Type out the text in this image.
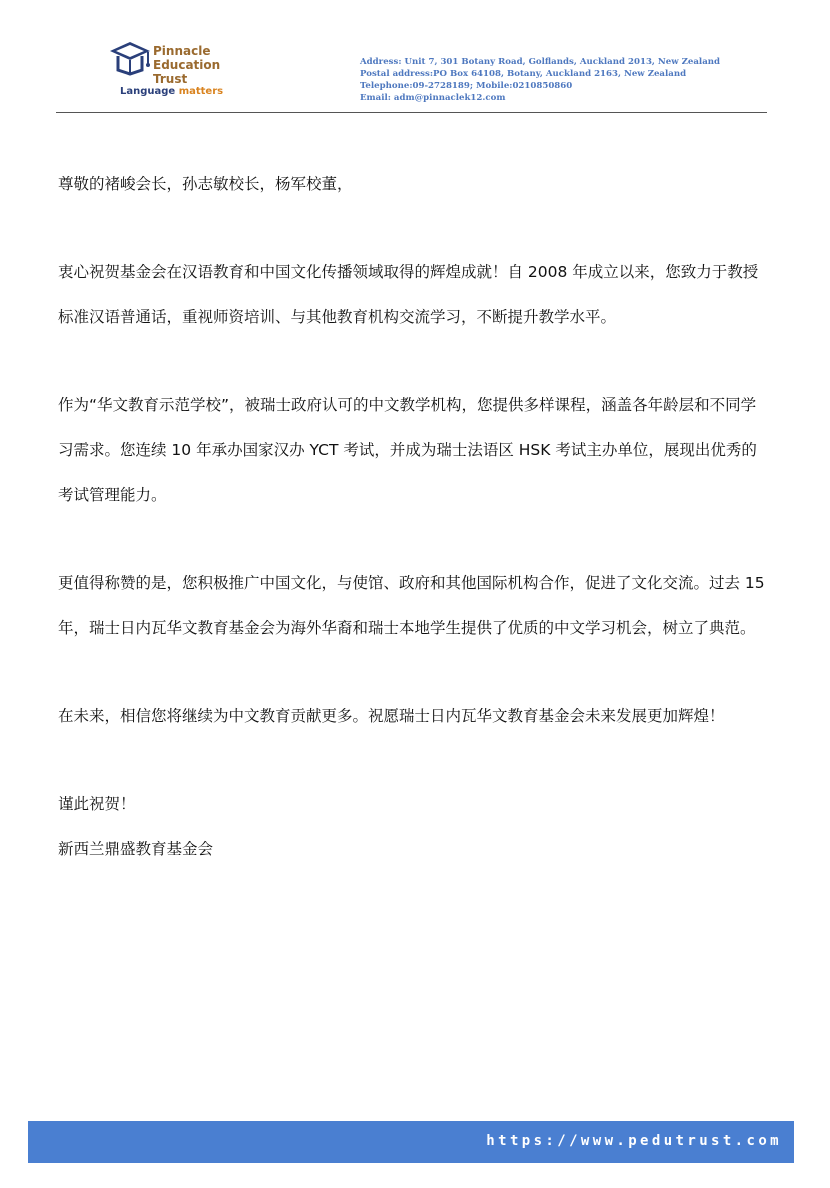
Pinnacle
Education
Trust
Language matters
Address: Unit 7, 301 Botany Road, Golflands, Auckland 2013, New Zealand
Postal address:PO Box 64108, Botany, Auckland 2163, New Zealand
Telephone:09-2728189; Mobile:0210850860
Email: adm@pinnaclek12.com

尊敬的褚峻会长，孙志敏校长，杨军校董，

衷心祝贺基金会在汉语教育和中国文化传播领域取得的辉煌成就！自 2008 年成立以来，您致力于教授标准汉语普通话，重视师资培训、与其他教育机构交流学习，不断提升教学水平。

作为“华文教育示范学校”，被瑞士政府认可的中文教学机构，您提供多样课程，涵盖各年龄层和不同学习需求。您连续 10 年承办国家汉办 YCT 考试，并成为瑞士法语区 HSK 考试主办单位，展现出优秀的考试管理能力。

更值得称赞的是，您积极推广中国文化，与使馆、政府和其他国际机构合作，促进了文化交流。过去 15 年，瑞士日内瓦华文教育基金会为海外华裔和瑞士本地学生提供了优质的中文学习机会，树立了典范。

在未来，相信您将继续为中文教育贡献更多。祝愿瑞士日内瓦华文教育基金会未来发展更加辉煌！

谨此祝贺！

新西兰鼎盛教育基金会

https://www.pedutrust.com
